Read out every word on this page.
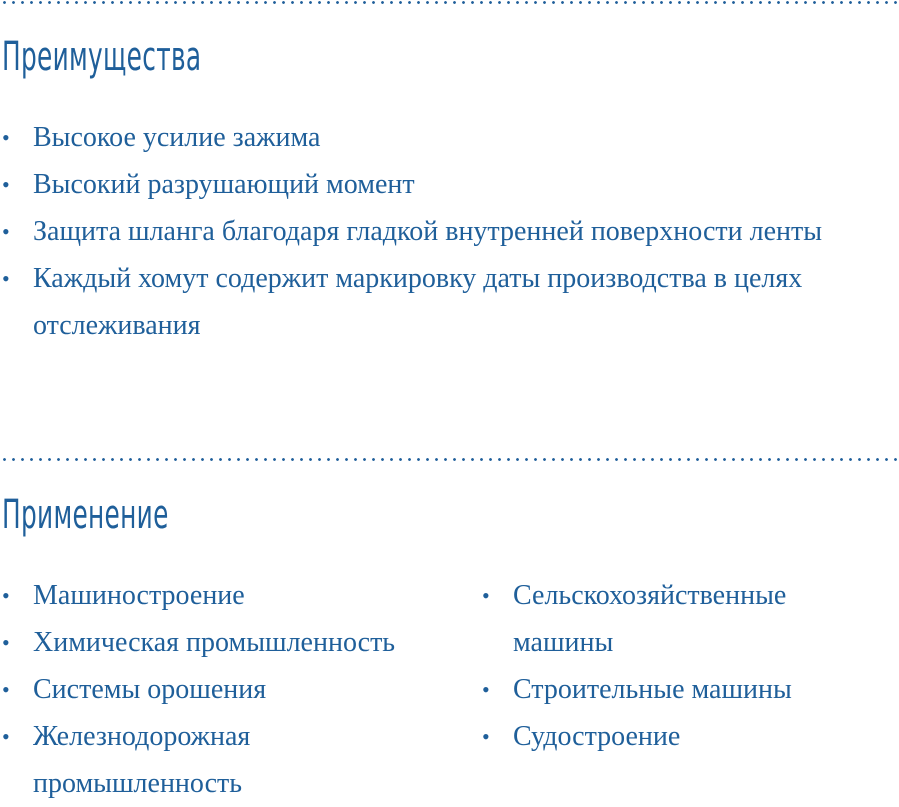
Преимущества
• Высокое усилие зажима
• Высокий разрушающий момент
• Защита шланга благодаря гладкой внутренней поверхности ленты
• Каждый хомут содержит маркировку даты производства в целях отслеживания
Применение
• Машиностроение
• Химическая промышленность
• Системы орошения
• Железнодорожная промышленность
• Сельскохозяйственные машины
• Строительные машины
• Судостроение
